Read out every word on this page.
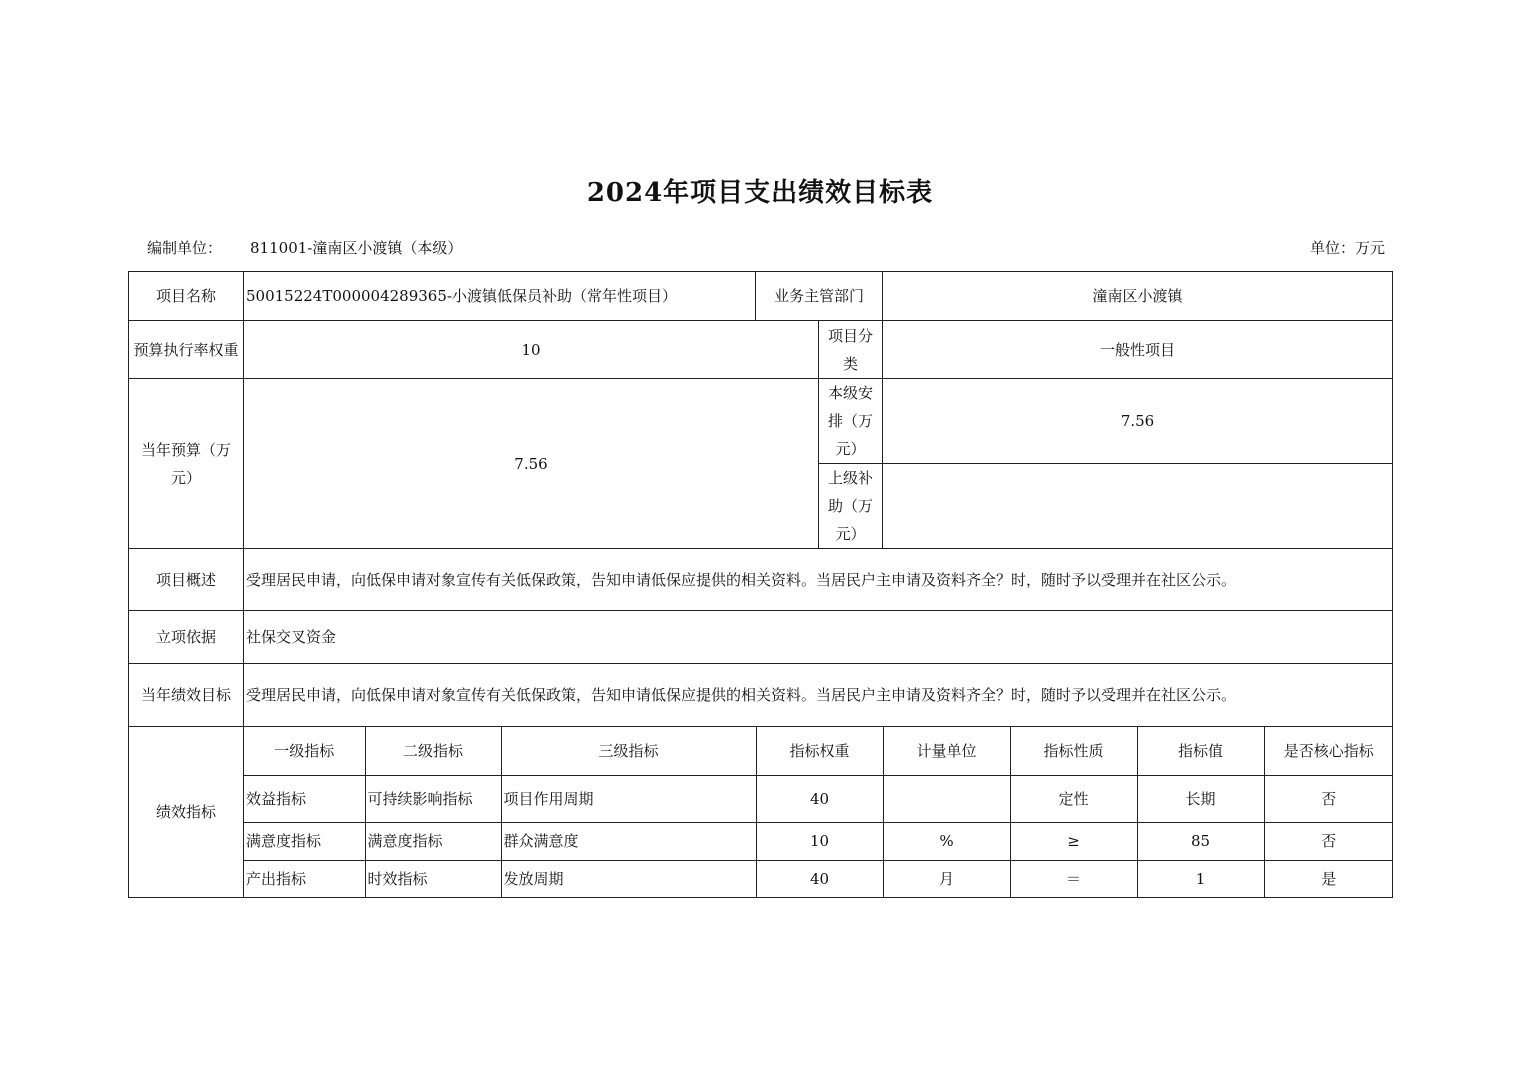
2024年项目支出绩效目标表
编制单位： 811001-潼南区小渡镇（本级）	单位：万元
项目名称	50015224T000004289365-小渡镇低保员补助（常年性项目）	业务主管部门	潼南区小渡镇
预算执行率权重	10	项目分类	一般性项目
当年预算（万元）	7.56	本级安排（万元）	7.56
上级补助（万元）	
项目概述	受理居民申请，向低保申请对象宣传有关低保政策，告知申请低保应提供的相关资料。当居民户主申请及资料齐全？时，随时予以受理并在社区公示。
立项依据	社保交叉资金
当年绩效目标	受理居民申请，向低保申请对象宣传有关低保政策，告知申请低保应提供的相关资料。当居民户主申请及资料齐全？时，随时予以受理并在社区公示。
绩效指标	
一级指标	二级指标	三级指标	指标权重	计量单位	指标性质	指标值	是否核心指标
效益指标	可持续影响指标	项目作用周期	40		定性	长期	否
满意度指标	满意度指标	群众满意度	10	%	≥	85	否
产出指标	时效指标	发放周期	40	月	＝	1	是
